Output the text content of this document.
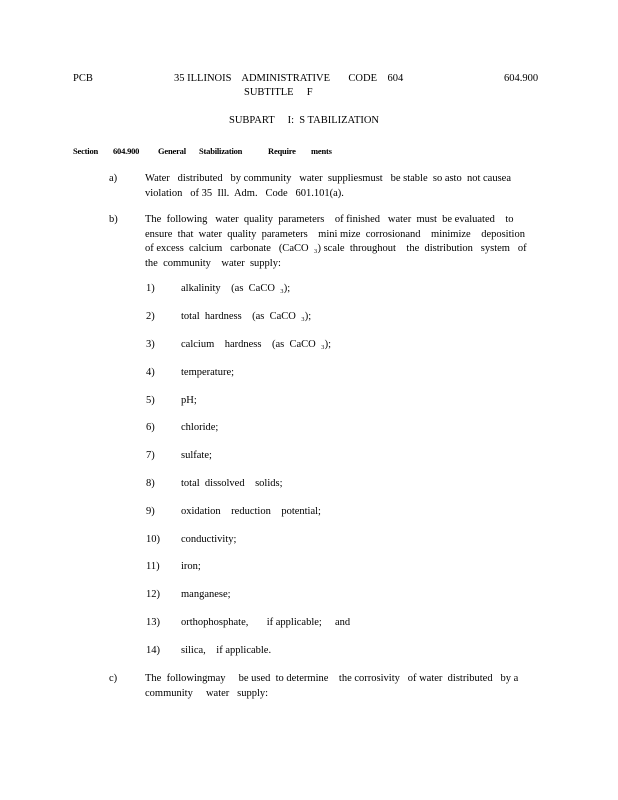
PCB	35 ILLINOIS    ADMINISTRATIVE       CODE    604
SUBTITLE     F
604.900
SUBPART     I:  S TABILIZATION
Section 604.900 General Stabilization	Require ments
a)	Water   distributed   by community   water  suppliesmust   be stable  so asto  not causea
violation   of 35  Ill.  Adm.   Code   601.101(a).
b)	The  following   water  quality  parameters    of finished   water  must  be evaluated    to
ensure  that  water  quality  parameters    mini mize  corrosionand    minimize    deposition
of excess  calcium   carbonate   (CaCO  ₃) scale  throughout    the  distribution   system   of
the  community    water  supply:
1)	alkalinity    (as  CaCO  ₃);
2)	total  hardness    (as  CaCO  ₃);
3)	calcium    hardness    (as  CaCO  ₃);
4)	temperature;
5)	pH;
6)	chloride;
7)	sulfate;
8)	total  dissolved    solids;
9)	oxidation    reduction    potential;
10) conductivity;
11) iron;
12) manganese;
13) orthophosphate,       if applicable;     and
14) silica,    if applicable.
c)	The  followingmay     be used  to determine    the corrosivity   of water  distributed   by a
community     water   supply:
